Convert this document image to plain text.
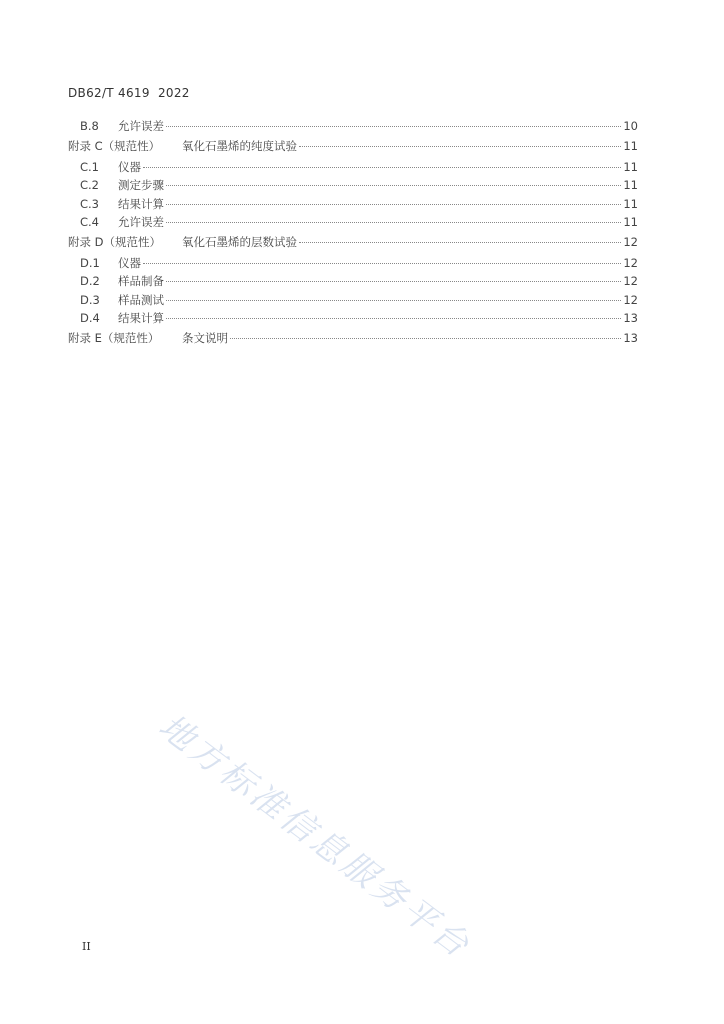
DB62/T 4619  2022
B.8	允许误差	10
附录 C（规范性）	氧化石墨烯的纯度试验	11
C.1	仪器	11
C.2	测定步骤	11
C.3	结果计算	11
C.4	允许误差	11
附录 D（规范性）	氧化石墨烯的层数试验	12
D.1	仪器	12
D.2	样品制备	12
D.3	样品测试	12
D.4	结果计算	13
附录 E（规范性）	条文说明	13
地方标准信息服务平台
II
